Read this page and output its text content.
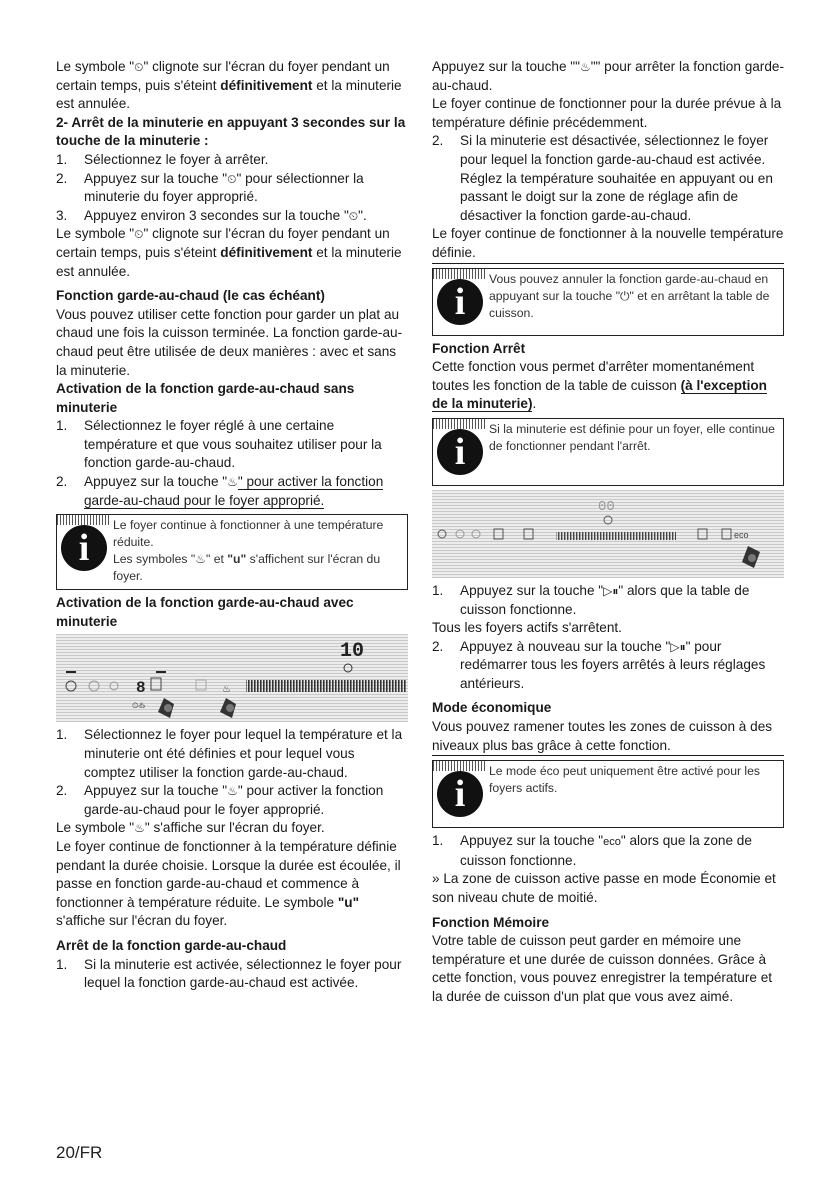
Le symbole "⏲" clignote sur l'écran du foyer pendant un certain temps, puis s'éteint définitivement et la minuterie est annulée.

2- Arrêt de la minuterie en appuyant 3 secondes sur la touche de la minuterie :

1. Sélectionnez le foyer à arrêter.
2. Appuyez sur la touche "⏲" pour sélectionner la minuterie du foyer approprié.
3. Appuyez environ 3 secondes sur la touche "⏲".

Le symbole "⏲" clignote sur l'écran du foyer pendant un certain temps, puis s'éteint définitivement et la minuterie est annulée.

Fonction garde-au-chaud (le cas échéant)

Vous pouvez utiliser cette fonction pour garder un plat au chaud une fois la cuisson terminée. La fonction garde-au-chaud peut être utilisée de deux manières : avec et sans la minuterie.

Activation de la fonction garde-au-chaud sans minuterie

1. Sélectionnez le foyer réglé à une certaine température et que vous souhaitez utiliser pour la fonction garde-au-chaud.
2. Appuyez sur la touche "♨" pour activer la fonction garde-au-chaud pour le foyer approprié.
i

Le foyer continue à fonctionner à une température réduite.

Les symboles "♨" et "u" s'affichent sur l'écran du foyer.

Activation de la fonction garde-au-chaud avec minuterie

10
8	♨
⏲♨
1. Sélectionnez le foyer pour lequel la température et la minuterie ont été définies et pour lequel vous comptez utiliser la fonction garde-au-chaud.
2. Appuyez sur la touche "♨" pour activer la fonction garde-au-chaud pour le foyer approprié.

Le symbole "♨" s'affiche sur l'écran du foyer.

Le foyer continue de fonctionner à la température définie pendant la durée choisie. Lorsque la durée est écoulée, il passe en fonction garde-au-chaud et commence à fonctionner à température réduite. Le symbole "u" s'affiche sur l'écran du foyer.

Arrêt de la fonction garde-au-chaud

1. Si la minuterie est activée, sélectionnez le foyer pour lequel la fonction garde-au-chaud est activée.

Appuyez sur la touche ""♨"" pour arrêter la fonction garde-au-chaud.

Le foyer continue de fonctionner pour la durée prévue à la température définie précédemment.

2. Si la minuterie est désactivée, sélectionnez le foyer pour lequel la fonction garde-au-chaud est activée. Réglez la température souhaitée en appuyant ou en passant le doigt sur la zone de réglage afin de désactiver la fonction garde-au-chaud.

Le foyer continue de fonctionner à la nouvelle température définie.

i

Vous pouvez annuler la fonction garde-au-chaud en appuyant sur la touche "⏻" et en arrêtant la table de cuisson.

Fonction Arrêt

Cette fonction vous permet d'arrêter momentanément toutes les fonction de la table de cuisson (à l'exception de la minuterie).

i

Si la minuterie est définie pour un foyer, elle continue de fonctionner pendant l'arrêt.

00
eco
1. Appuyez sur la touche "▷⏸" alors que la table de cuisson fonctionne.

Tous les foyers actifs s'arrêtent.

2. Appuyez à nouveau sur la touche "▷⏸" pour redémarrer tous les foyers arrêtés à leurs réglages antérieurs.

Mode économique

Vous pouvez ramener toutes les zones de cuisson à des niveaux plus bas grâce à cette fonction.

i

Le mode éco peut uniquement être activé pour les foyers actifs.

1. Appuyez sur la touche "eco" alors que la zone de cuisson fonctionne.

» La zone de cuisson active passe en mode Économie et son niveau chute de moitié.

Fonction Mémoire

Votre table de cuisson peut garder en mémoire une température et une durée de cuisson données. Grâce à cette fonction, vous pouvez enregistrer la température et la durée de cuisson d'un plat que vous avez aimé.

20/FR
